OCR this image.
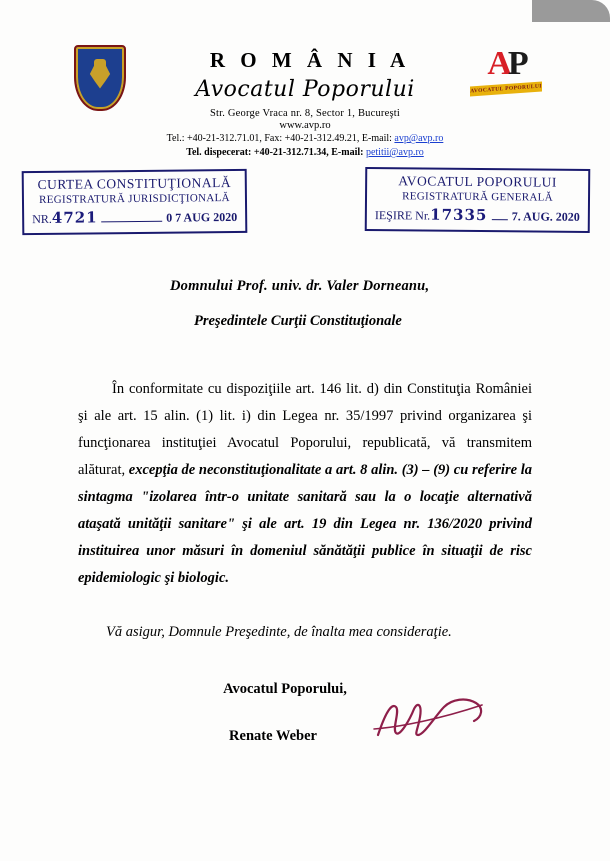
R O M Â N I A
Avocatul Poporului
Str. George Vraca nr. 8, Sector 1, Bucureşti
www.avp.ro
AP
AVOCATUL POPORULUI
Tel.: +40-21-312.71.01, Fax: +40-21-312.49.21, E-mail: avp@avp.ro
Tel. dispecerat: +40-21-312.71.34, E-mail: petitii@avp.ro
CURTEA CONSTITUŢIONALĂ
REGISTRATURĂ JURISDICŢIONALĂ
NR. 4721	0 7 AUG 2020
AVOCATUL POPORULUI
REGISTRATURĂ GENERALĂ
IEŞIRE Nr. 17335 7. AUG. 2020
Domnului Prof. univ. dr. Valer Dorneanu,
Preşedintele Curţii Constituţionale
În conformitate cu dispoziţiile art. 146 lit. d) din Constituţia României şi ale art. 15 alin. (1) lit. i) din Legea nr. 35/1997 privind organizarea şi funcţionarea instituţiei Avocatul Poporului, republicată, vă transmitem alăturat, excepţia de neconstituţionalitate a art. 8 alin. (3) – (9) cu referire la sintagma "izolarea într-o unitate sanitară sau la o locaţie alternativă ataşată unităţii sanitare" şi ale art. 19 din Legea nr. 136/2020 privind instituirea unor măsuri în domeniul sănătăţii publice în situaţii de risc epidemiologic şi biologic.
Vă asigur, Domnule Preşedinte, de înalta mea consideraţie.
Avocatul Poporului,
Renate Weber
